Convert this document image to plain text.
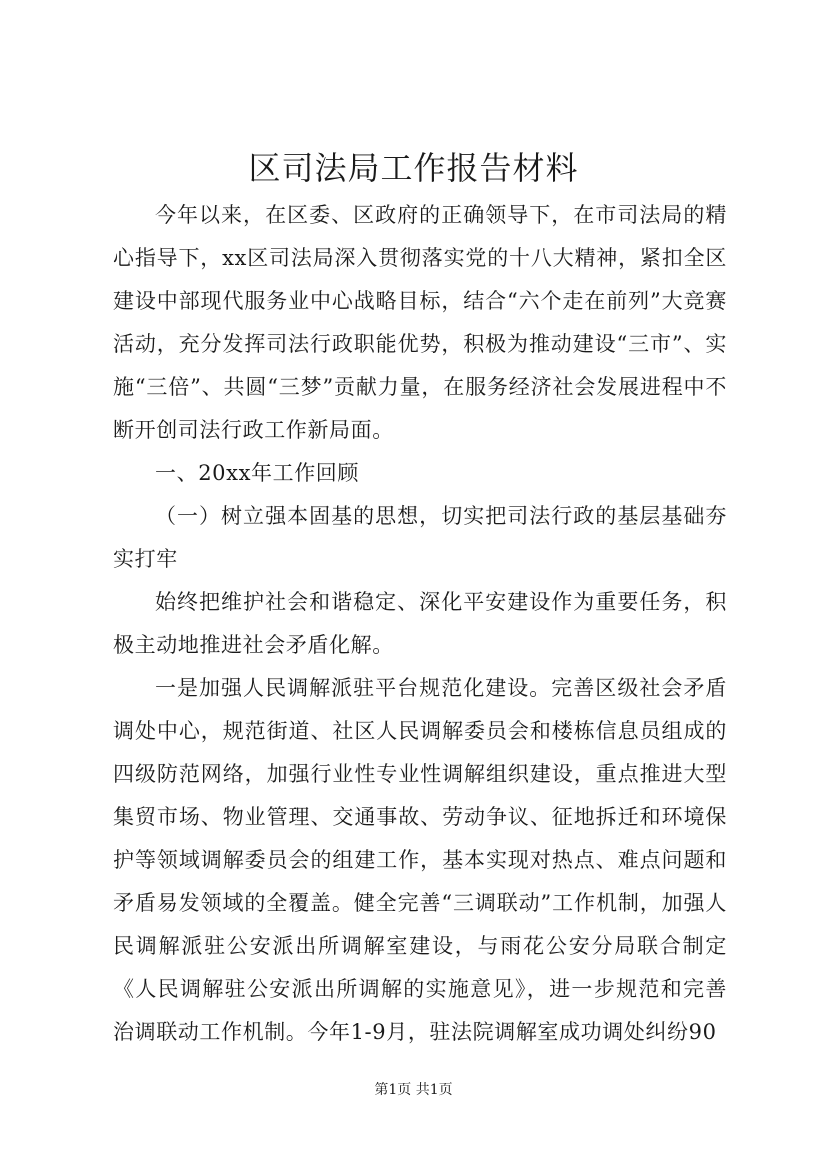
区司法局工作报告材料

今年以来，在区委、区政府的正确领导下，在市司法局的精心指导下，xx区司法局深入贯彻落实党的十八大精神，紧扣全区建设中部现代服务业中心战略目标，结合“六个走在前列”大竞赛活动，充分发挥司法行政职能优势，积极为推动建设“三市”、实施“三倍”、共圆“三梦”贡献力量，在服务经济社会发展进程中不断开创司法行政工作新局面。

一、20xx年工作回顾

（一）树立强本固基的思想，切实把司法行政的基层基础夯实打牢

始终把维护社会和谐稳定、深化平安建设作为重要任务，积极主动地推进社会矛盾化解。

一是加强人民调解派驻平台规范化建设。完善区级社会矛盾调处中心，规范街道、社区人民调解委员会和楼栋信息员组成的四级防范网络，加强行业性专业性调解组织建设，重点推进大型集贸市场、物业管理、交通事故、劳动争议、征地拆迁和环境保护等领域调解委员会的组建工作，基本实现对热点、难点问题和矛盾易发领域的全覆盖。健全完善“三调联动”工作机制，加强人民调解派驻公安派出所调解室建设，与雨花公安分局联合制定《人民调解驻公安派出所调解的实施意见》，进一步规范和完善治调联动工作机制。今年1-9月，驻法院调解室成功调处纠纷90

第1页 共1页
